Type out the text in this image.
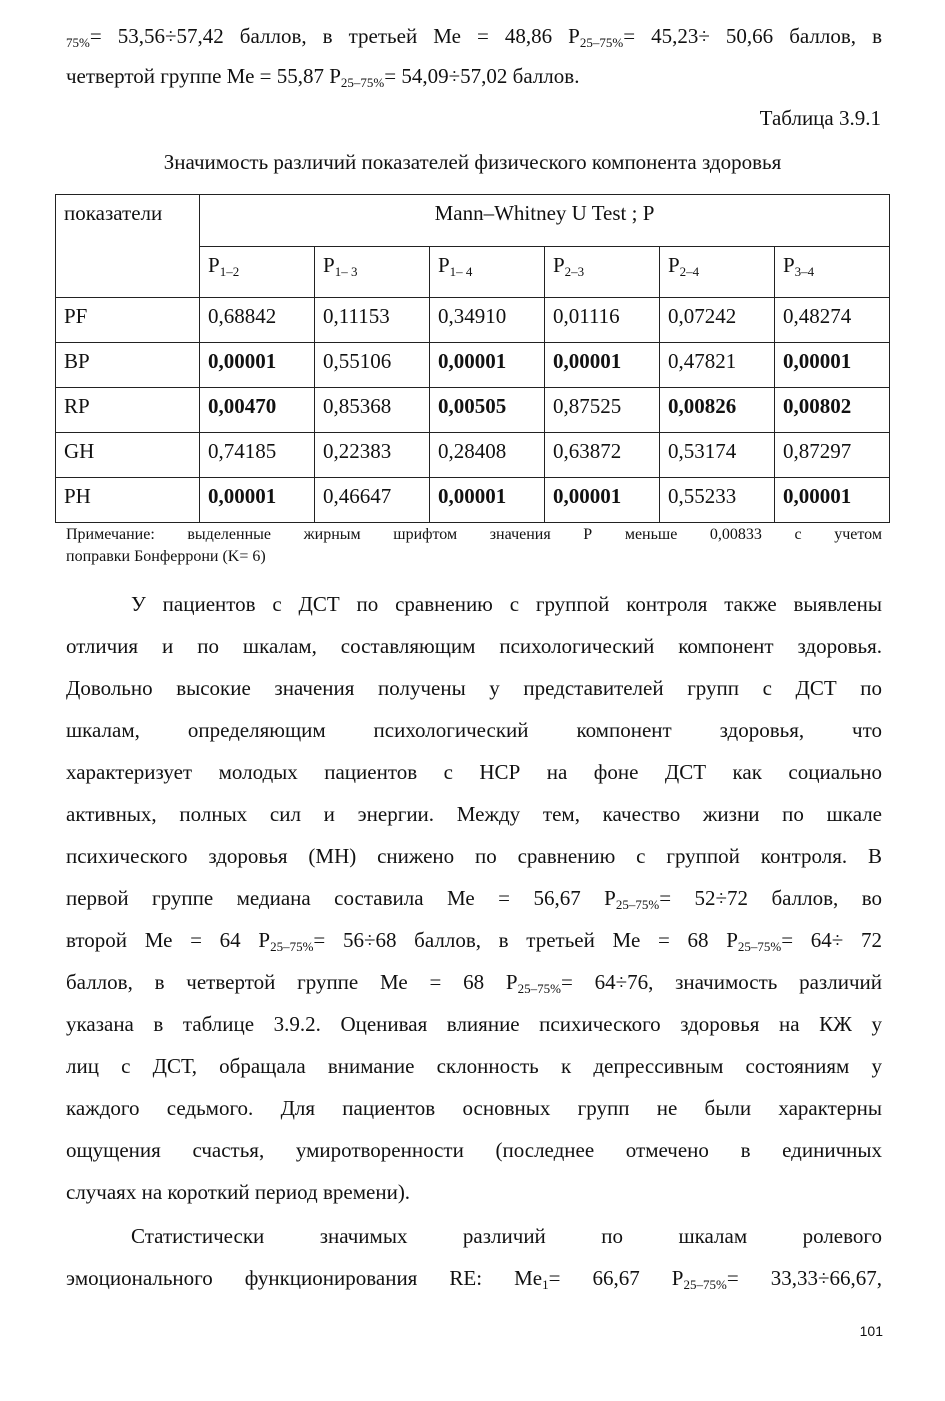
$_{75\%}$= 53,56÷57,42 баллов, в третьей Ме = 48,86 $P_{25-75\%}= 45,23\div 50,66$ баллов, в
четвертой группе Ме = 55,87 $P_{25-75\%}= 54,09\div 57,02$ баллов.
Таблица 3.9.1
Значимость различий показателей физического компонента здоровья
показатели	Mann–Whitney U Test ; P					
	$P_{1-2}$	$P_{1- 3}$	$P_{1- 4}$	$P_{2-3}$	$P_{2-4}$	$P_{3-4}$
PF	0,68842	0,11153	0,34910	0,01116	0,07242	0,48274
BP	0,00001	0,55106	0,00001	0,00001	0,47821	0,00001
RP	0,00470	0,85368	0,00505	0,87525	0,00826	0,00802
GH	0,74185	0,22383	0,28408	0,63872	0,53174	0,87297
PH	0,00001	0,46647	0,00001	0,00001	0,55233	0,00001
Примечание: выделенные жирным шрифтом значения Р меньше 0,00833 с учетом
поправки Бонферрони (K= 6)
У пациентов с ДСТ по сравнению с группой контроля также выявлены
отличия и по шкалам, составляющим психологический компонент здоровья.
Довольно высокие значения получены у представителей групп с ДСТ по
шкалам, определяющим психологический компонент здоровья, что
характеризует молодых пациентов с НСР на фоне ДСТ как социально
активных, полных сил и энергии. Между тем, качество жизни по шкале
психического здоровья (MH) снижено по сравнению с группой контроля. В
первой группе медиана составила Ме = 56,67 $P_{25-75\%}= 52\div 72$ баллов, во
второй Ме = 64 $P_{25-75\%}= 56\div 68$ баллов, в третьей Ме = 68 $P_{25-75\%}= 64\div 72$
баллов, в четвертой группе Ме = 68 $P_{25-75\%}= 64\div 76$, значимость различий
указана в таблице 3.9.2. Оценивая влияние психического здоровья на КЖ у
лиц с ДСТ, обращала внимание склонность к депрессивным состояниям у
каждого седьмого. Для пациентов основных групп не были характерны
ощущения счастья, умиротворенности (последнее отмечено в единичных
случаях на короткий период времени).
Статистически значимых различий по шкалам ролевого
эмоционального функционирования RE: $Me_1= 66,67$ $P_{25-75\%}= 33,33\div 66,67$,
101
